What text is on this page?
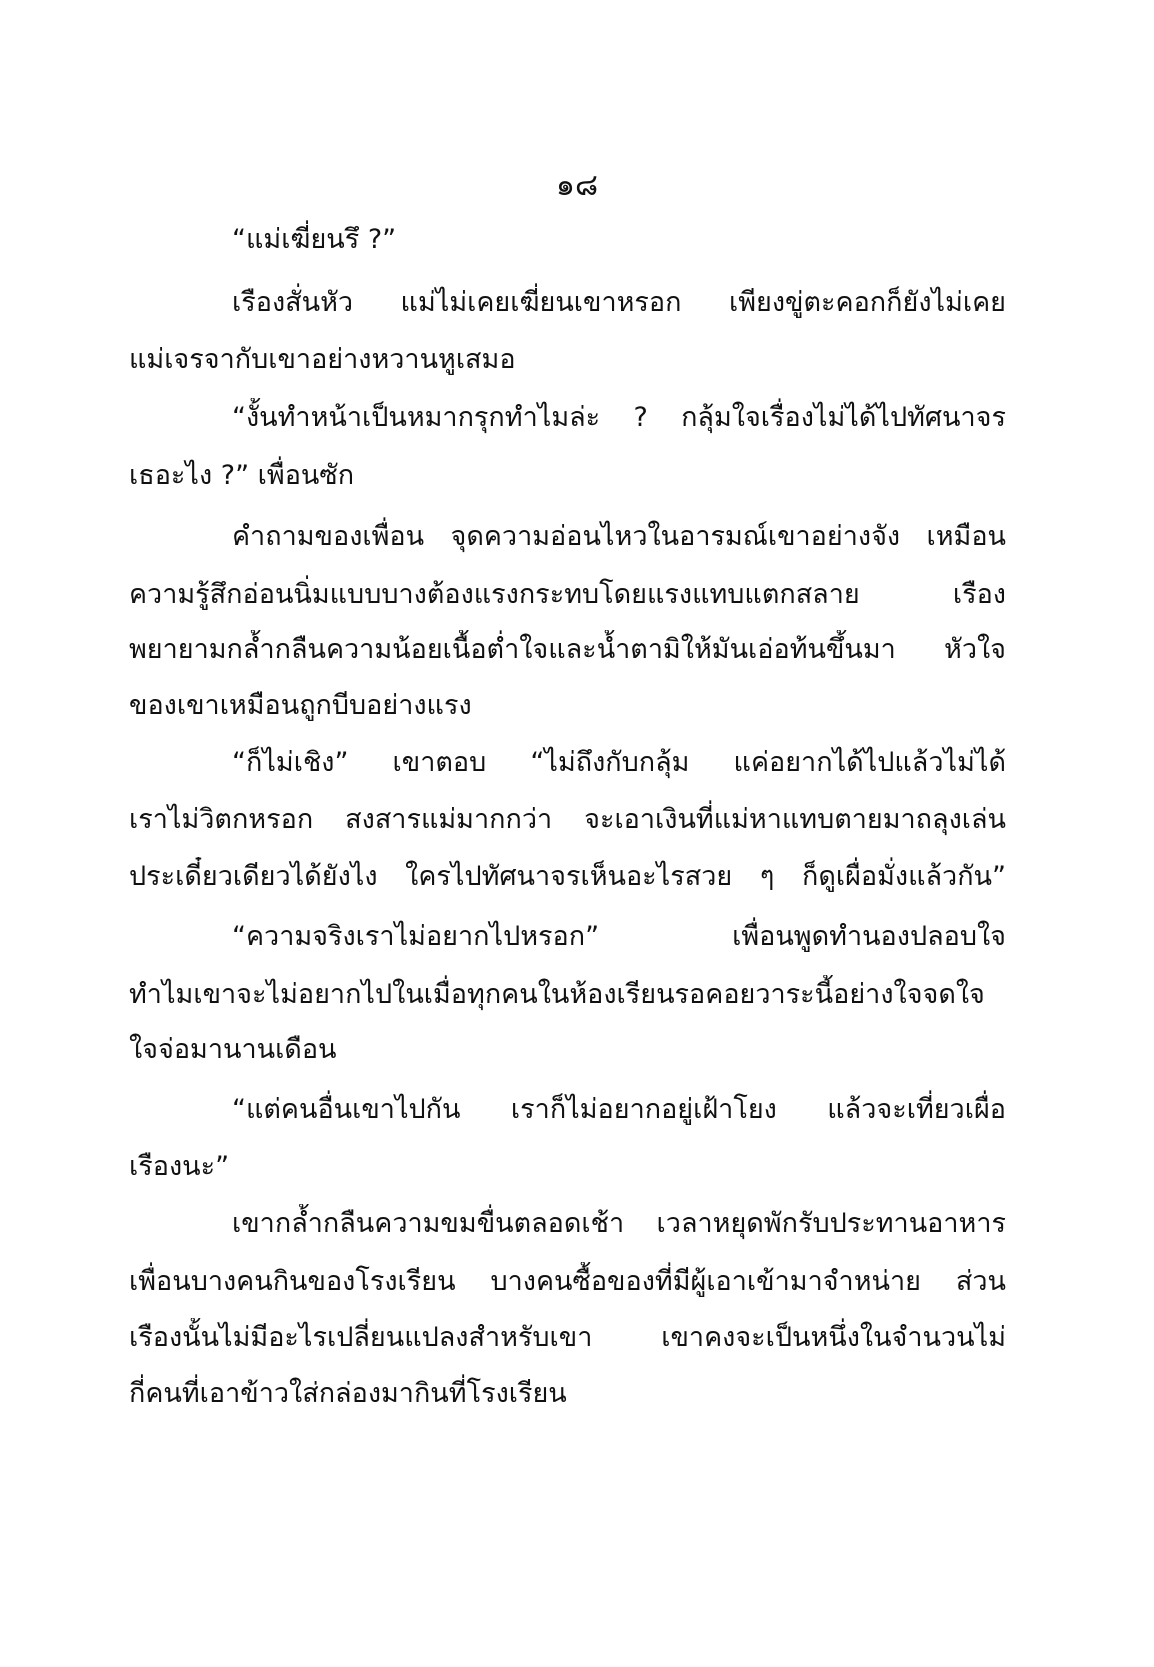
๑๘
“แม่เฆี่ยนรึ ?”
เรืองสั่นหัว แม่ไม่เคยเฆี่ยนเขาหรอก เพียงขู่ตะคอกก็ยังไม่เคย
แม่เจรจากับเขาอย่างหวานหูเสมอ
“งั้นทำหน้าเป็นหมากรุกทำไมล่ะ ? กลุ้มใจเรื่องไม่ได้ไปทัศนาจร
เธอะไง ?” เพื่อนซัก
คำถามของเพื่อน จุดความอ่อนไหวในอารมณ์เขาอย่างจัง เหมือน
ความรู้สึกอ่อนนิ่มแบบบางต้องแรงกระทบโดยแรงแทบแตกสลาย เรือง
พยายามกล้ำกลืนความน้อยเนื้อต่ำใจและน้ำตามิให้มันเอ่อท้นขึ้นมา หัวใจ
ของเขาเหมือนถูกบีบอย่างแรง
“ก็ไม่เชิง” เขาตอบ “ไม่ถึงกับกลุ้ม แค่อยากได้ไปแล้วไม่ได้
เราไม่วิตกหรอก สงสารแม่มากกว่า จะเอาเงินที่แม่หาแทบตายมาถลุงเล่น
ประเดี๋ยวเดียวได้ยังไง ใครไปทัศนาจรเห็นอะไรสวย ๆ ก็ดูเผื่อมั่งแล้วกัน”
“ความจริงเราไม่อยากไปหรอก” เพื่อนพูดทำนองปลอบใจ
ทำไมเขาจะไม่อยากไปในเมื่อทุกคนในห้องเรียนรอคอยวาระนี้อย่างใจจดใจ
ใจจ่อมานานเดือน
“แต่คนอื่นเขาไปกัน เราก็ไม่อยากอยู่เฝ้าโยง แล้วจะเที่ยวเผื่อ
เรืองนะ”
เขากล้ำกลืนความขมขื่นตลอดเช้า เวลาหยุดพักรับประทานอาหาร
เพื่อนบางคนกินของโรงเรียน บางคนซื้อของที่มีผู้เอาเข้ามาจำหน่าย ส่วน
เรืองนั้นไม่มีอะไรเปลี่ยนแปลงสำหรับเขา เขาคงจะเป็นหนึ่งในจำนวนไม่
กี่คนที่เอาข้าวใส่กล่องมากินที่โรงเรียน
